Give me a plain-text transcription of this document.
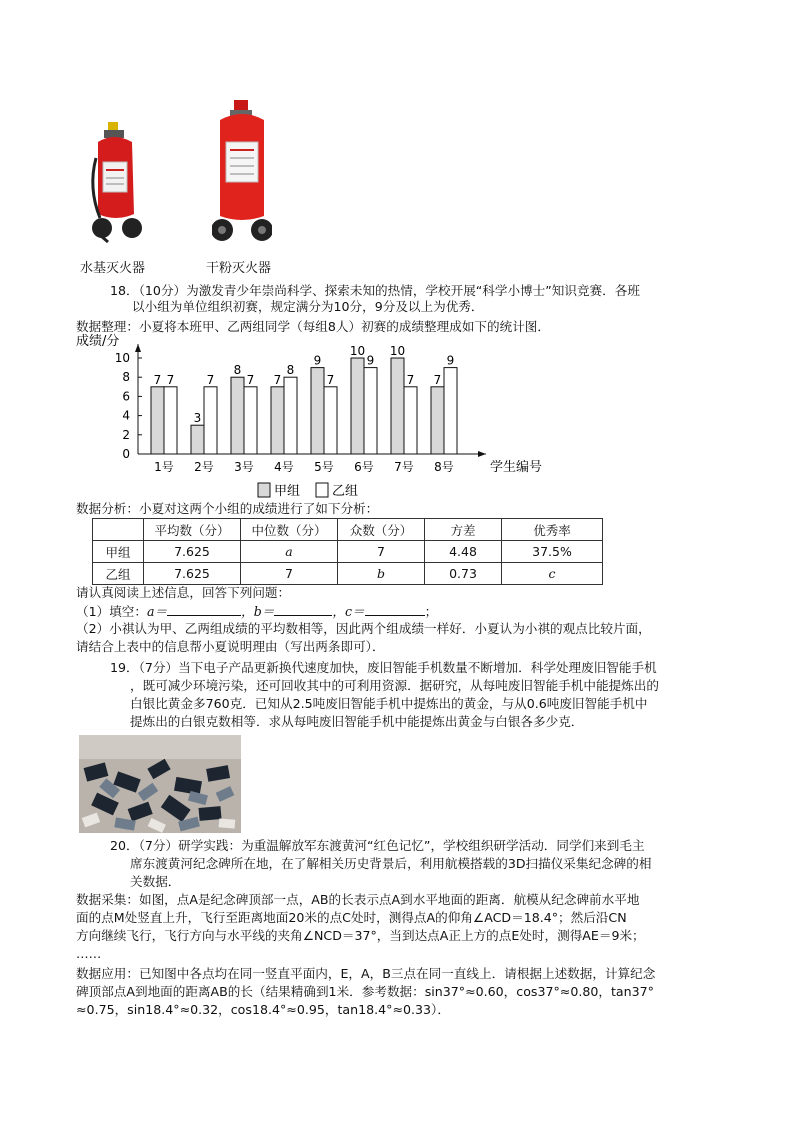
水基灭火器	干粉灭火器
18．（10分）为激发青少年崇尚科学、探索未知的热情，学校开展“科学小博士”知识竞赛．各班
以小组为单位组织初赛，规定满分为10分，9分及以上为优秀．
数据整理：小夏将本班甲、乙两组同学（每组8人）初赛的成绩整理成如下的统计图．
成绩/分
学生编号
0
2
4
6
8
10
7 7
1号
3
7
2号
8
7
3号
7
8
4号
9
7
5号
10
9
6号
10
7
7号
7
9
8号
甲组 乙组
数据分析：小夏对这两个小组的成绩进行了如下分析：
	平均数（分）	中位数（分）	众数（分）	方差	优秀率
甲组	7.625	a	7	4.48	37.5%
乙组	7.625	7	b	0.73	c
请认真阅读上述信息，回答下列问题：
（1）填空：a＝	，b＝	，c＝	；
（2）小祺认为甲、乙两组成绩的平均数相等，因此两个组成绩一样好．小夏认为小祺的观点比较片面，
请结合上表中的信息帮小夏说明理由（写出两条即可）．
19．（7分）当下电子产品更新换代速度加快，废旧智能手机数量不断增加．科学处理废旧智能手机
，既可减少环境污染，还可回收其中的可利用资源．据研究，从每吨废旧智能手机中能提炼出的
白银比黄金多760克．已知从2.5吨废旧智能手机中提炼出的黄金，与从0.6吨废旧智能手机中
提炼出的白银克数相等．求从每吨废旧智能手机中能提炼出黄金与白银各多少克．
20．（7分）研学实践：为重温解放军东渡黄河“红色记忆”，学校组织研学活动．同学们来到毛主
席东渡黄河纪念碑所在地，在了解相关历史背景后，利用航模搭载的3D扫描仪采集纪念碑的相
关数据．
数据采集：如图，点A是纪念碑顶部一点，AB的长表示点A到水平地面的距离．航模从纪念碑前水平地
面的点M处竖直上升，飞行至距离地面20米的点C处时，测得点A的仰角∠ACD＝18.4°；然后沿CN
方向继续飞行，飞行方向与水平线的夹角∠NCD＝37°，当到达点A正上方的点E处时，测得AE＝9米；
……
数据应用：已知图中各点均在同一竖直平面内，E，A，B三点在同一直线上．请根据上述数据，计算纪念
碑顶部点A到地面的距离AB的长（结果精确到1米．参考数据：sin37°≈0.60，cos37°≈0.80，tan37°
≈0.75，sin18.4°≈0.32，cos18.4°≈0.95，tan18.4°≈0.33）．
